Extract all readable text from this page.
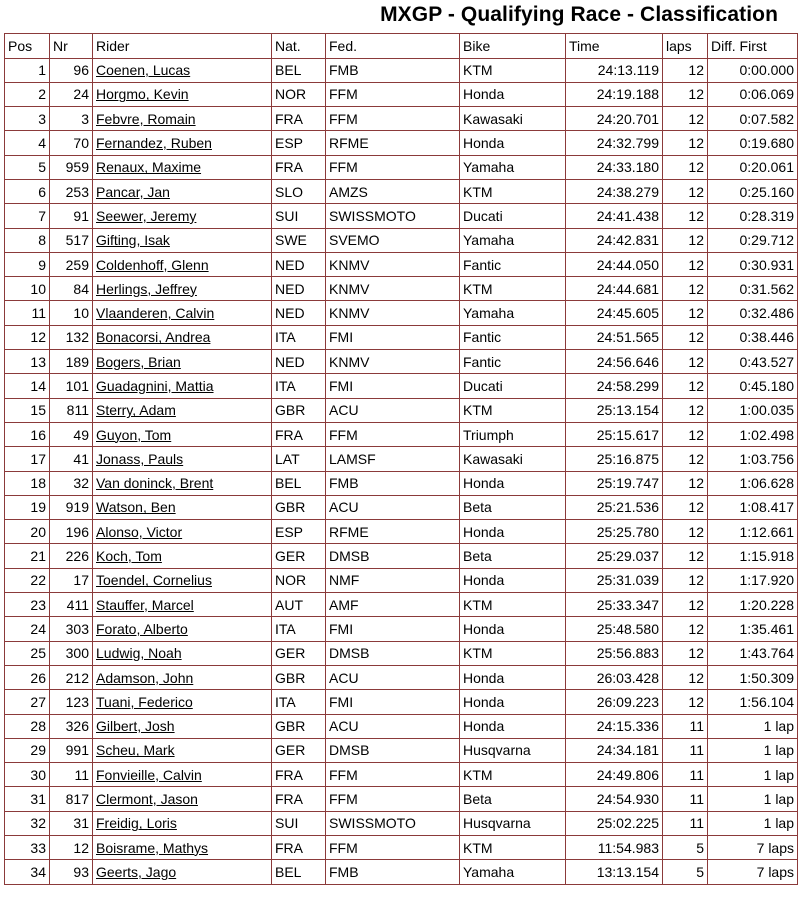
MXGP - Qualifying Race - Classification
Pos	Nr	Rider	Nat.	Fed.	Bike	Time	laps	Diff. First
1	96	Coenen, Lucas	BEL	FMB	KTM	24:13.119	12	0:00.000
2	24	Horgmo, Kevin	NOR	FFM	Honda	24:19.188	12	0:06.069
3	3	Febvre, Romain	FRA	FFM	Kawasaki	24:20.701	12	0:07.582
4	70	Fernandez, Ruben	ESP	RFME	Honda	24:32.799	12	0:19.680
5	959	Renaux, Maxime	FRA	FFM	Yamaha	24:33.180	12	0:20.061
6	253	Pancar, Jan	SLO	AMZS	KTM	24:38.279	12	0:25.160
7	91	Seewer, Jeremy	SUI	SWISSMOTO	Ducati	24:41.438	12	0:28.319
8	517	Gifting, Isak	SWE	SVEMO	Yamaha	24:42.831	12	0:29.712
9	259	Coldenhoff, Glenn	NED	KNMV	Fantic	24:44.050	12	0:30.931
10	84	Herlings, Jeffrey	NED	KNMV	KTM	24:44.681	12	0:31.562
11	10	Vlaanderen, Calvin	NED	KNMV	Yamaha	24:45.605	12	0:32.486
12	132	Bonacorsi, Andrea	ITA	FMI	Fantic	24:51.565	12	0:38.446
13	189	Bogers, Brian	NED	KNMV	Fantic	24:56.646	12	0:43.527
14	101	Guadagnini, Mattia	ITA	FMI	Ducati	24:58.299	12	0:45.180
15	811	Sterry, Adam	GBR	ACU	KTM	25:13.154	12	1:00.035
16	49	Guyon, Tom	FRA	FFM	Triumph	25:15.617	12	1:02.498
17	41	Jonass, Pauls	LAT	LAMSF	Kawasaki	25:16.875	12	1:03.756
18	32	Van doninck, Brent	BEL	FMB	Honda	25:19.747	12	1:06.628
19	919	Watson, Ben	GBR	ACU	Beta	25:21.536	12	1:08.417
20	196	Alonso, Victor	ESP	RFME	Honda	25:25.780	12	1:12.661
21	226	Koch, Tom	GER	DMSB	Beta	25:29.037	12	1:15.918
22	17	Toendel, Cornelius	NOR	NMF	Honda	25:31.039	12	1:17.920
23	411	Stauffer, Marcel	AUT	AMF	KTM	25:33.347	12	1:20.228
24	303	Forato, Alberto	ITA	FMI	Honda	25:48.580	12	1:35.461
25	300	Ludwig, Noah	GER	DMSB	KTM	25:56.883	12	1:43.764
26	212	Adamson, John	GBR	ACU	Honda	26:03.428	12	1:50.309
27	123	Tuani, Federico	ITA	FMI	Honda	26:09.223	12	1:56.104
28	326	Gilbert, Josh	GBR	ACU	Honda	24:15.336	11	1 lap
29	991	Scheu, Mark	GER	DMSB	Husqvarna	24:34.181	11	1 lap
30	11	Fonvieille, Calvin	FRA	FFM	KTM	24:49.806	11	1 lap
31	817	Clermont, Jason	FRA	FFM	Beta	24:54.930	11	1 lap
32	31	Freidig, Loris	SUI	SWISSMOTO	Husqvarna	25:02.225	11	1 lap
33	12	Boisrame, Mathys	FRA	FFM	KTM	11:54.983	5	7 laps
34	93	Geerts, Jago	BEL	FMB	Yamaha	13:13.154	5	7 laps
